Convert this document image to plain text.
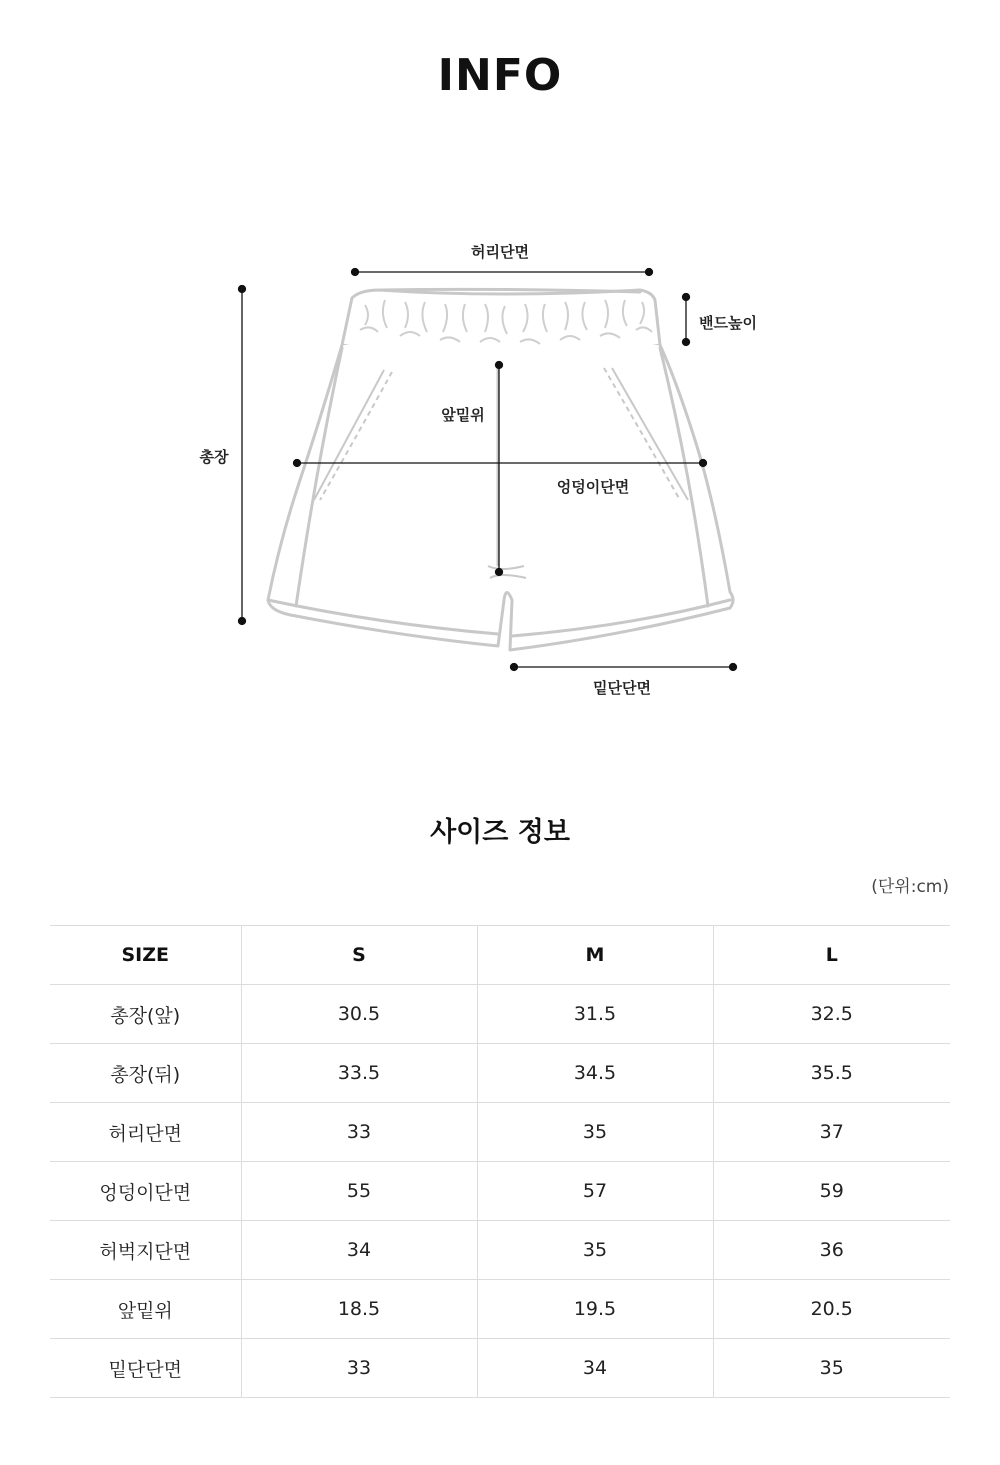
INFO
허리단면
밴드높이
앞밑위
총장
엉덩이단면
밑단단면
사이즈 정보
(단위:cm)
SIZE	S	M	L
총장(앞)	30.5	31.5	32.5
총장(뒤)	33.5	34.5	35.5
허리단면	33	35	37
엉덩이단면	55	57	59
허벅지단면	34	35	36
앞밑위	18.5	19.5	20.5
밑단단면	33	34	35
